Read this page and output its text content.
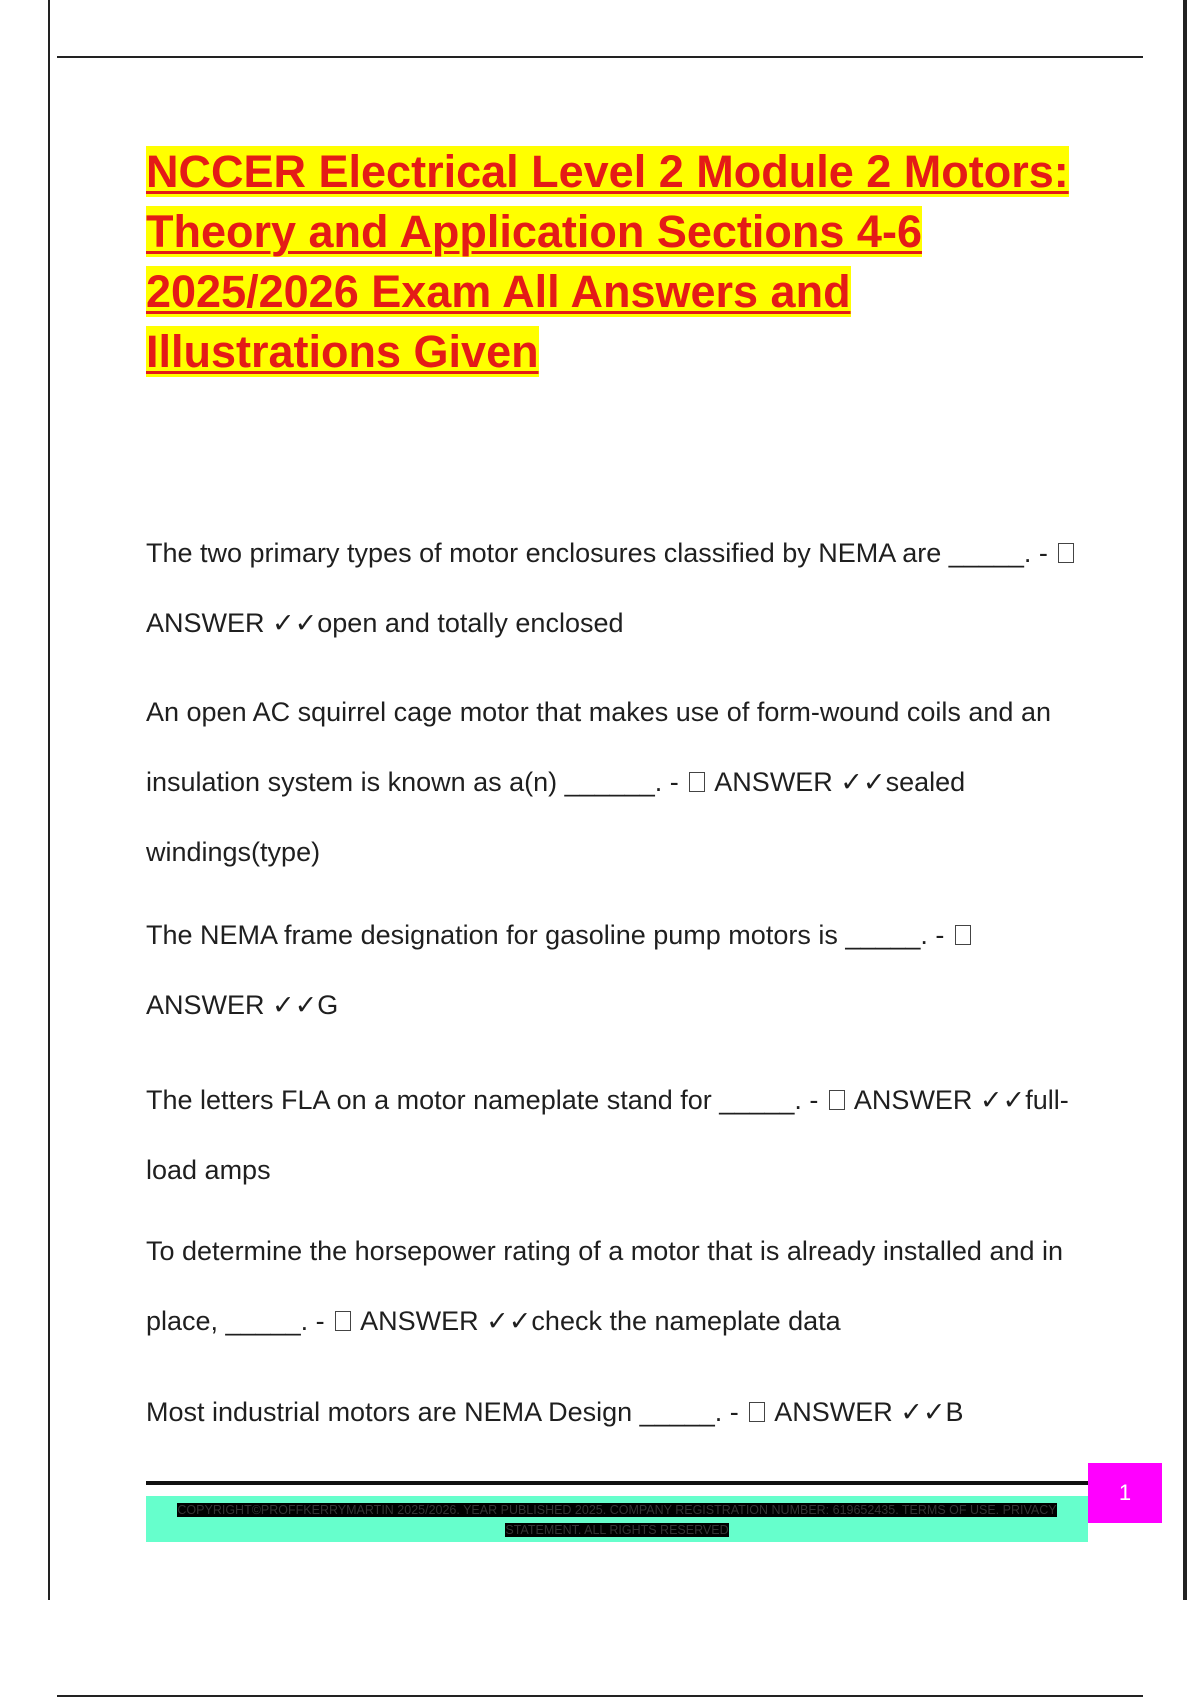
NCCER Electrical Level 2 Module 2 Motors: Theory and Application Sections 4-6 2025/2026 Exam All Answers and Illustrations Given

The two primary types of motor enclosures classified by NEMA are _____. -  ANSWER ✓✓open and totally enclosed

An open AC squirrel cage motor that makes use of form-wound coils and an insulation system is known as a(n) ______. - ANSWER ✓✓sealed windings(type)

The NEMA frame designation for gasoline pump motors is _____. -  ANSWER ✓✓G

The letters FLA on a motor nameplate stand for _____. - ANSWER ✓✓full-load amps

To determine the horsepower rating of a motor that is already installed and in place, _____. - ANSWER ✓✓check the nameplate data

Most industrial motors are NEMA Design _____. - ANSWER ✓✓B

1
COPYRIGHT©PROFFKERRYMARTIN 2025/2026. YEAR PUBLISHED 2025. COMPANY REGISTRATION NUMBER: 619652435. TERMS OF USE. PRIVACY STATEMENT. ALL RIGHTS RESERVED
